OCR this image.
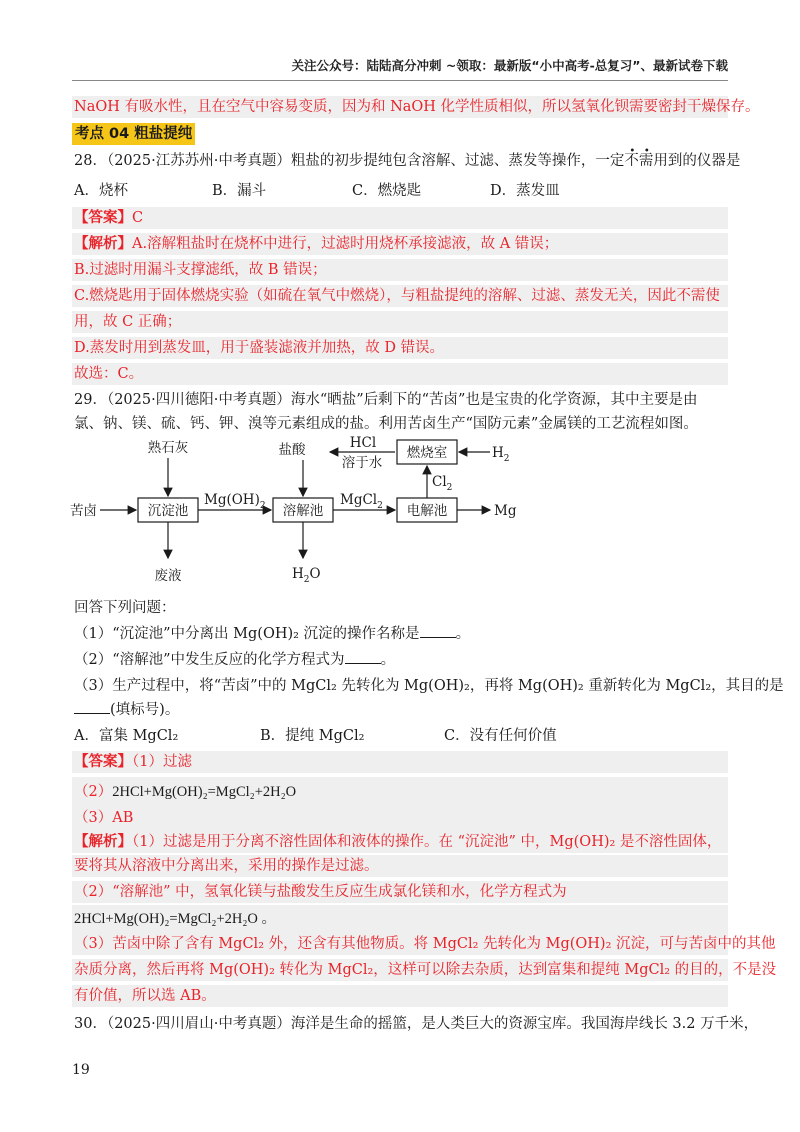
关注公众号：陆陆高分冲刺 ~领取：最新版“小中高考-总复习”、最新试卷下载
NaOH 有吸水性，且在空气中容易变质，因为和 NaOH 化学性质相似，所以氢氧化钡需要密封干燥保存。
考点 04 粗盐提纯
28．（2025·江苏苏州·中考真题）粗盐的初步提纯包含溶解、过滤、蒸发等操作，一定不需用到的仪器是
A．烧杯	B．漏斗	C．燃烧匙	D．蒸发皿
【答案】C
【解析】A.溶解粗盐时在烧杯中进行，过滤时用烧杯承接滤液，故 A 错误；
B.过滤时用漏斗支撑滤纸，故 B 错误；
C.燃烧匙用于固体燃烧实验（如硫在氧气中燃烧），与粗盐提纯的溶解、过滤、蒸发无关，因此不需使
用，故 C 正确；
D.蒸发时用到蒸发皿，用于盛装滤液并加热，故 D 错误。
故选：C。
29．（2025·四川德阳·中考真题）海水“晒盐”后剩下的“苦卤”也是宝贵的化学资源，其中主要是由
氯、钠、镁、硫、钙、钾、溴等元素组成的盐。利用苦卤生产“国防元素”金属镁的工艺流程如图。
沉淀池	溶解池	电解池
燃烧室
熟石灰
苦卤
废液
$Mg(OH)_2$
盐酸
$H_2O$
MgCl$_2$
HCl
溶于水
$H_2$
$Cl_2$
Mg
回答下列问题：
（1）“沉淀池”中分离出 Mg(OH)₂ 沉淀的操作名称是 。
（2）“溶解池”中发生反应的化学方程式为 。
（3）生产过程中，将“苦卤”中的 MgCl₂ 先转化为 Mg(OH)₂，再将 Mg(OH)₂ 重新转化为 MgCl₂，其目的是
(填标号)。
A．富集 MgCl₂	B．提纯 MgCl₂	C．没有任何价值
【答案】（1）过滤
（2）2HCl+Mg(OH)₂=MgCl₂+2H₂O
（3）AB
【解析】（1）过滤是用于分离不溶性固体和液体的操作。在 “沉淀池” 中，Mg(OH)₂ 是不溶性固体，
要将其从溶液中分离出来，采用的操作是过滤。
（2）“溶解池” 中，氢氧化镁与盐酸发生反应生成氯化镁和水，化学方程式为
2HCl+Mg(OH)₂=MgCl₂+2H₂O 。
（3）苦卤中除了含有 MgCl₂ 外，还含有其他物质。将 MgCl₂ 先转化为 Mg(OH)₂ 沉淀，可与苦卤中的其他
杂质分离，然后再将 Mg(OH)₂ 转化为 MgCl₂，这样可以除去杂质，达到富集和提纯 MgCl₂ 的目的，不是没
有价值，所以选 AB。
30．（2025·四川眉山·中考真题）海洋是生命的摇篮，是人类巨大的资源宝库。我国海岸线长 3.2 万千米，
19
